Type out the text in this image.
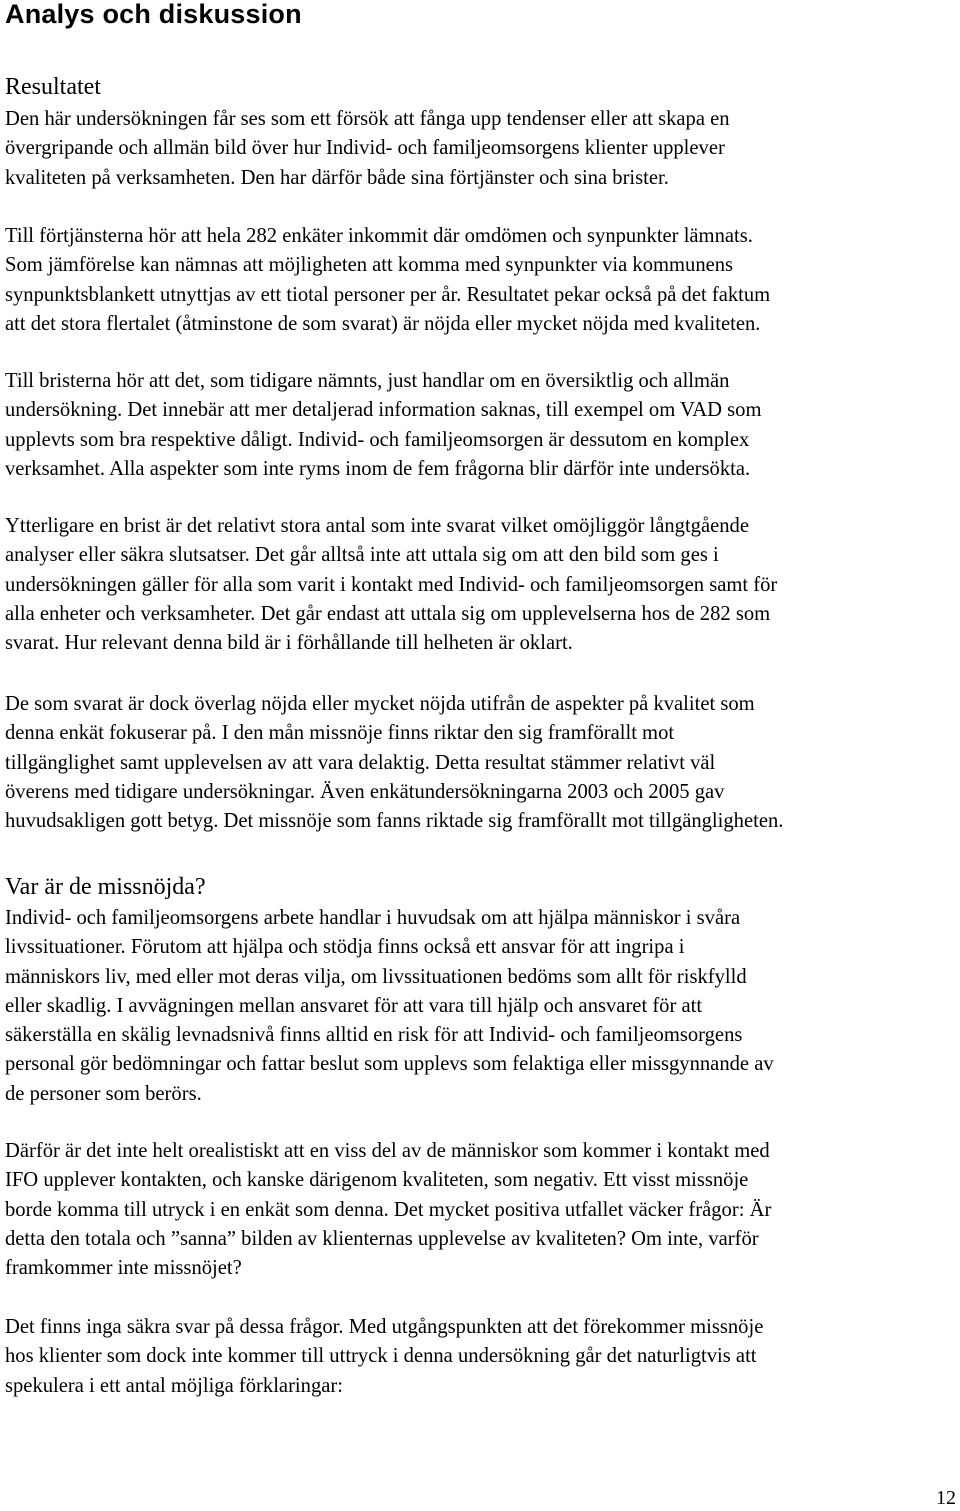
Analys och diskussion
Resultatet

Den här undersökningen får ses som ett försök att fånga upp tendenser eller att skapa en
övergripande och allmän bild över hur Individ- och familjeomsorgens klienter upplever
kvaliteten på verksamheten. Den har därför både sina förtjänster och sina brister.

Till förtjänsterna hör att hela 282 enkäter inkommit där omdömen och synpunkter lämnats.
Som jämförelse kan nämnas att möjligheten att komma med synpunkter via kommunens
synpunktsblankett utnyttjas av ett tiotal personer per år. Resultatet pekar också på det faktum
att det stora flertalet (åtminstone de som svarat) är nöjda eller mycket nöjda med kvaliteten.

Till bristerna hör att det, som tidigare nämnts, just handlar om en översiktlig och allmän
undersökning. Det innebär att mer detaljerad information saknas, till exempel om VAD som
upplevts som bra respektive dåligt. Individ- och familjeomsorgen är dessutom en komplex
verksamhet. Alla aspekter som inte ryms inom de fem frågorna blir därför inte undersökta.

Ytterligare en brist är det relativt stora antal som inte svarat vilket omöjliggör långtgående
analyser eller säkra slutsatser. Det går alltså inte att uttala sig om att den bild som ges i
undersökningen gäller för alla som varit i kontakt med Individ- och familjeomsorgen samt för
alla enheter och verksamheter. Det går endast att uttala sig om upplevelserna hos de 282 som
svarat. Hur relevant denna bild är i förhållande till helheten är oklart.

De som svarat är dock överlag nöjda eller mycket nöjda utifrån de aspekter på kvalitet som
denna enkät fokuserar på. I den mån missnöje finns riktar den sig framförallt mot
tillgänglighet samt upplevelsen av att vara delaktig. Detta resultat stämmer relativt väl
överens med tidigare undersökningar. Även enkätundersökningarna 2003 och 2005 gav
huvudsakligen gott betyg. Det missnöje som fanns riktade sig framförallt mot tillgängligheten.

Var är de missnöjda?

Individ- och familjeomsorgens arbete handlar i huvudsak om att hjälpa människor i svåra
livssituationer. Förutom att hjälpa och stödja finns också ett ansvar för att ingripa i
människors liv, med eller mot deras vilja, om livssituationen bedöms som allt för riskfylld
eller skadlig. I avvägningen mellan ansvaret för att vara till hjälp och ansvaret för att
säkerställa en skälig levnadsnivå finns alltid en risk för att Individ- och familjeomsorgens
personal gör bedömningar och fattar beslut som upplevs som felaktiga eller missgynnande av
de personer som berörs.

Därför är det inte helt orealistiskt att en viss del av de människor som kommer i kontakt med
IFO upplever kontakten, och kanske därigenom kvaliteten, som negativ. Ett visst missnöje
borde komma till utryck i en enkät som denna. Det mycket positiva utfallet väcker frågor: Är
detta den totala och ”sanna” bilden av klienternas upplevelse av kvaliteten? Om inte, varför
framkommer inte missnöjet?

Det finns inga säkra svar på dessa frågor. Med utgångspunkten att det förekommer missnöje
hos klienter som dock inte kommer till uttryck i denna undersökning går det naturligtvis att
spekulera i ett antal möjliga förklaringar:

12
